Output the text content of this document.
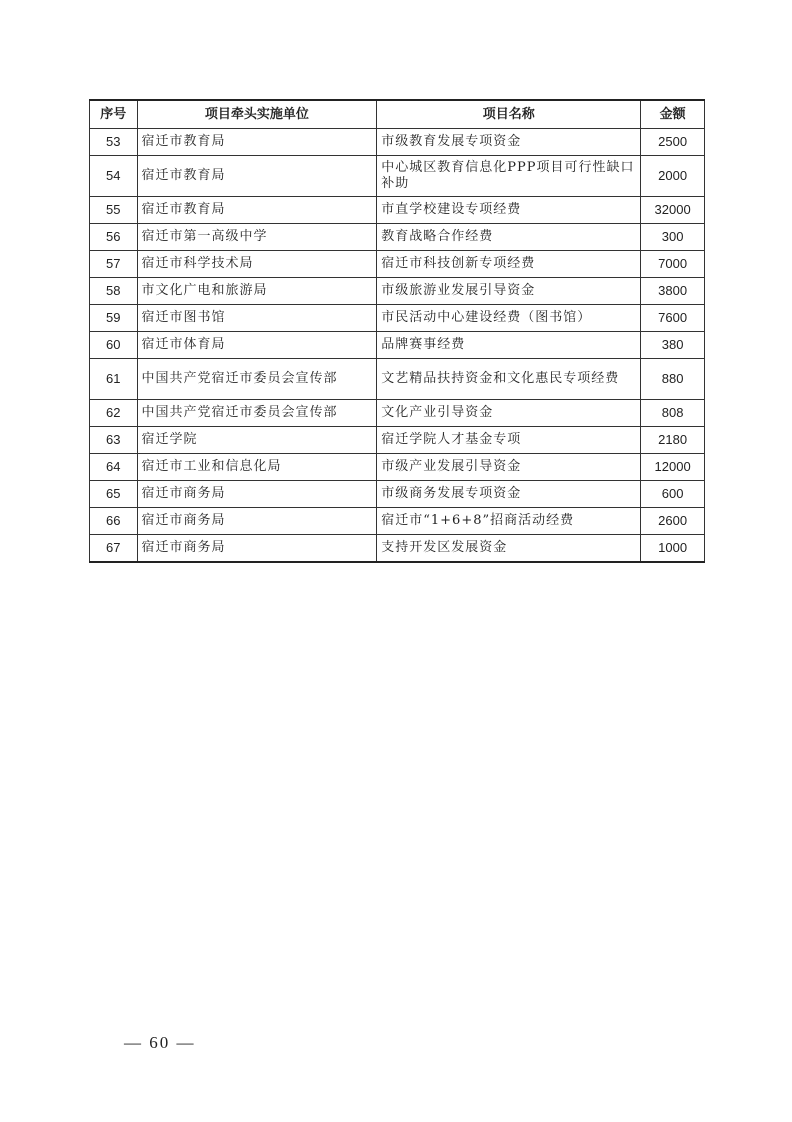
序号	项目牵头实施单位	项目名称	金额
53	宿迁市教育局	市级教育发展专项资金	2500
54	宿迁市教育局	中心城区教育信息化PPP项目可行性缺口补助	2000
55	宿迁市教育局	市直学校建设专项经费	32000
56	宿迁市第一高级中学	教育战略合作经费	300
57	宿迁市科学技术局	宿迁市科技创新专项经费	7000
58	市文化广电和旅游局	市级旅游业发展引导资金	3800
59	宿迁市图书馆	市民活动中心建设经费（图书馆）	7600
60	宿迁市体育局	品牌赛事经费	380
61	中国共产党宿迁市委员会宣传部	文艺精品扶持资金和文化惠民专项经费	880
62	中国共产党宿迁市委员会宣传部	文化产业引导资金	808
63	宿迁学院	宿迁学院人才基金专项	2180
64	宿迁市工业和信息化局	市级产业发展引导资金	12000
65	宿迁市商务局	市级商务发展专项资金	600
66	宿迁市商务局	宿迁市“1+6+8”招商活动经费	2600
67	宿迁市商务局	支持开发区发展资金	1000
— 60 —
